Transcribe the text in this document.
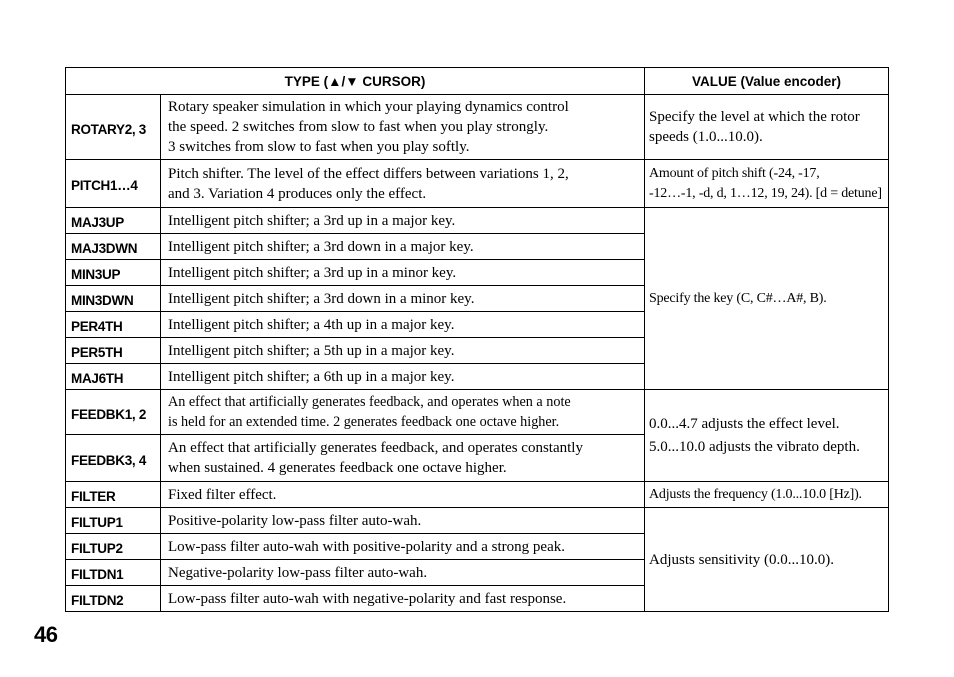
TYPE (▲/▼ CURSOR)		VALUE (Value encoder)
ROTARY2, 3	Rotary speaker simulation in which your playing dynamics control
the speed. 2 switches from slow to fast when you play strongly.
3 switches from slow to fast when you play softly.	Specify the level at which the rotor
speeds (1.0...10.0).

PITCH1…4	Pitch shifter. The level of the effect differs between variations 1, 2,
and 3. Variation 4 produces only the effect.	Amount of pitch shift (-24, -17,
-12…-1, -d, d, 1…12, 19, 24). [d = detune]

MAJ3UP	Intelligent pitch shifter; a 3rd up in a major key.	Specify the key (C, C#…A#, B).
MAJ3DWN	Intelligent pitch shifter; a 3rd down in a major key.	
MIN3UP	Intelligent pitch shifter; a 3rd up in a minor key.	
MIN3DWN	Intelligent pitch shifter; a 3rd down in a minor key.	
PER4TH	Intelligent pitch shifter; a 4th up in a major key.	
PER5TH	Intelligent pitch shifter; a 5th up in a major key.	
MAJ6TH	Intelligent pitch shifter; a 6th up in a major key.	
FEEDBK1, 2	An effect that artificially generates feedback, and operates when a note
is held for an extended time. 2 generates feedback one octave higher.	0.0...4.7 adjusts the effect level.
5.0...10.0 adjusts the vibrato depth.

FEEDBK3, 4	An effect that artificially generates feedback, and operates constantly
when sustained. 4 generates feedback one octave higher.	

FILTER	Fixed filter effect.	Adjusts the frequency (1.0...10.0 [Hz]).
FILTUP1	Positive-polarity low-pass filter auto-wah.	Adjusts sensitivity (0.0...10.0).
FILTUP2	Low-pass filter auto-wah with positive-polarity and a strong peak.	
FILTDN1	Negative-polarity low-pass filter auto-wah.	
FILTDN2	Low-pass filter auto-wah with negative-polarity and fast response.	
46
